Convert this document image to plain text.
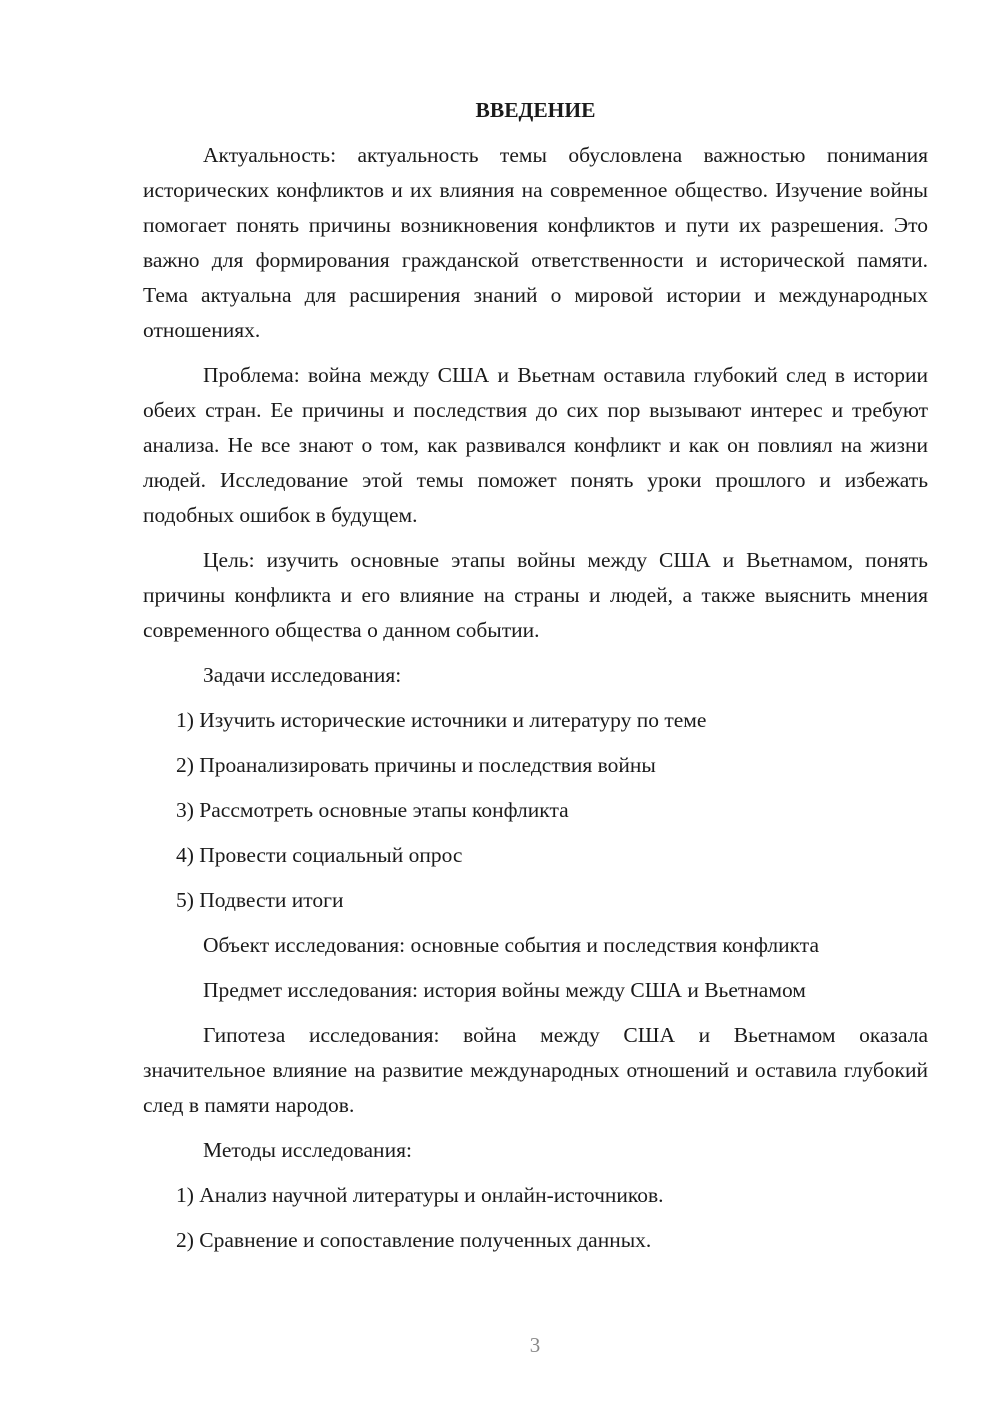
ВВЕДЕНИЕ

Актуальность: актуальность темы обусловлена важностью понимания исторических конфликтов и их влияния на современное общество. Изучение войны помогает понять причины возникновения конфликтов и пути их разрешения. Это важно для формирования гражданской ответственности и исторической памяти. Тема актуальна для расширения знаний о мировой истории и международных отношениях.

Проблема: война между США и Вьетнам оставила глубокий след в истории обеих стран. Ее причины и последствия до сих пор вызывают интерес и требуют анализа. Не все знают о том, как развивался конфликт и как он повлиял на жизни людей. Исследование этой темы поможет понять уроки прошлого и избежать подобных ошибок в будущем.

Цель: изучить основные этапы войны между США и Вьетнамом, понять причины конфликта и его влияние на страны и людей, а также выяснить мнения современного общества о данном событии.

Задачи исследования:

1) Изучить исторические источники и литературу по теме

2) Проанализировать причины и последствия войны

3) Рассмотреть основные этапы конфликта

4) Провести социальный опрос

5) Подвести итоги

Объект исследования: основные события и последствия конфликта

Предмет исследования: история войны между США и Вьетнамом

Гипотеза исследования: война между США и Вьетнамом оказала значительное влияние на развитие международных отношений и оставила глубокий след в памяти народов.

Методы исследования:

1) Анализ научной литературы и онлайн-источников.

2) Сравнение и сопоставление полученных данных.

3
